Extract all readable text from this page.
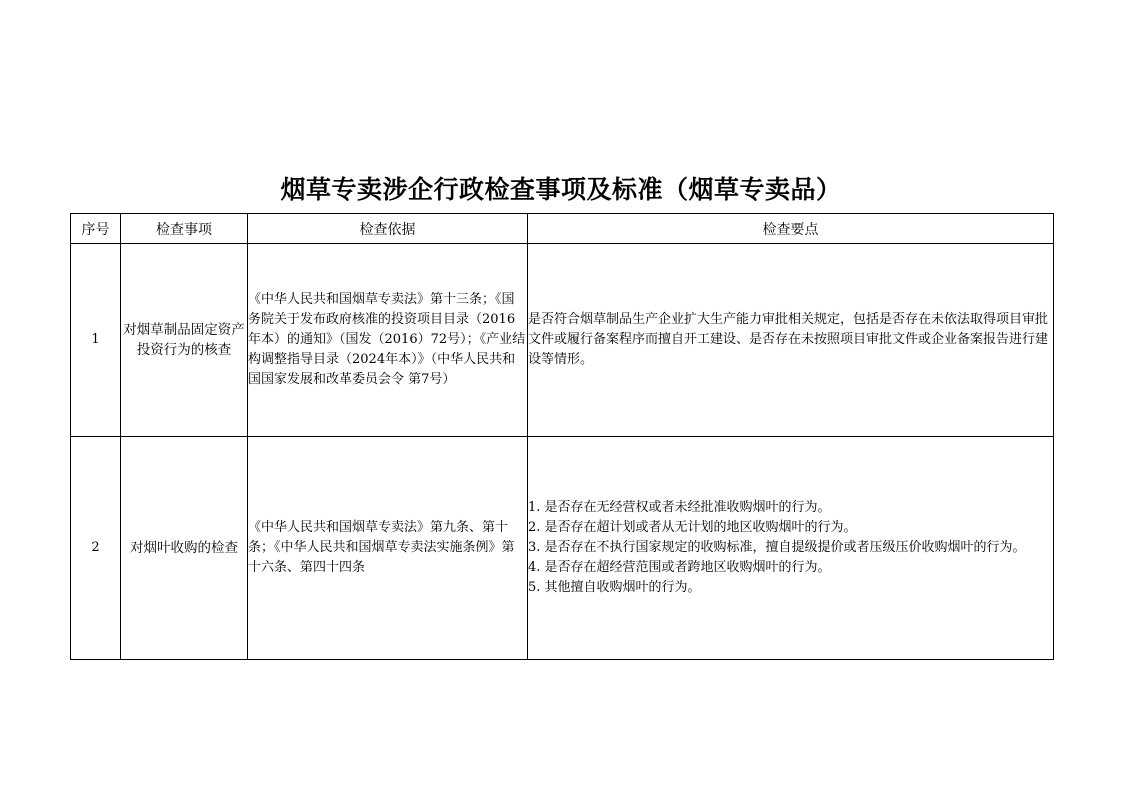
烟草专卖涉企行政检查事项及标准（烟草专卖品）
序号	检查事项	检查依据	检查要点
1	对烟草制品固定资产投资行为的核查	《中华人民共和国烟草专卖法》第十三条；《国务院关于发布政府核准的投资项目目录（2016年本）的通知》（国发（2016）72号）；《产业结构调整指导目录（2024年本）》（中华人民共和国国家发展和改革委员会令 第7号）	是否符合烟草制品生产企业扩大生产能力审批相关规定，包括是否存在未依法取得项目审批文件或履行备案程序而擅自开工建设、是否存在未按照项目审批文件或企业备案报告进行建设等情形。

2	对烟叶收购的检查	《中华人民共和国烟草专卖法》第九条、第十条；《中华人民共和国烟草专卖法实施条例》第十六条、第四十四条	1. 是否存在无经营权或者未经批准收购烟叶的行为。
2. 是否存在超计划或者从无计划的地区收购烟叶的行为。
3. 是否存在不执行国家规定的收购标准，擅自提级提价或者压级压价收购烟叶的行为。
4. 是否存在超经营范围或者跨地区收购烟叶的行为。
5. 其他擅自收购烟叶的行为。
